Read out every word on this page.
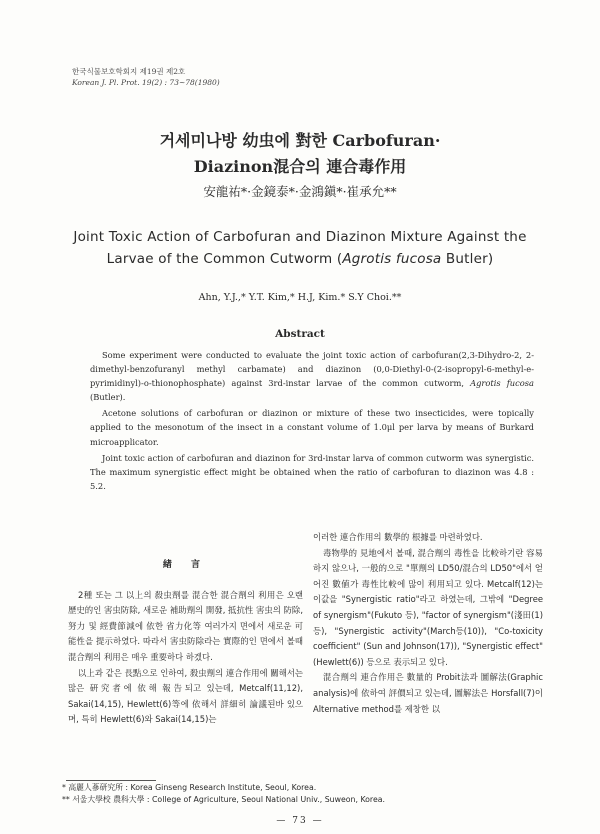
한국식물보호학회지 제19권 제2호
Korean J. Pl. Prot. 19(2) : 73~78(1980)
거세미나방 幼虫에 對한 Carbofuran·
Diazinon混合의 連合毒作用
安龍祐*·金鏡泰*·金鴻鎭*·崔承允**
Joint Toxic Action of Carbofuran and Diazinon Mixture Against the
Larvae of the Common Cutworm (Agrotis fucosa Butler)
Ahn, Y.J.,* Y.T. Kim,* H.J, Kim.* S.Y Choi.**
Abstract

Some experiment were conducted to evaluate the joint toxic action of carbofuran(2,3-Dihydro-2, 2-dimethyl-benzofuranyl methyl carbamate) and diazinon (0,0-Diethyl-0-(2-isopropyl-6-methyl-e-pyrimidinyl)-o-thionophosphate) against 3rd-instar larvae of the common cutworm, Agrotis fucosa (Butler).

Acetone solutions of carbofuran or diazinon or mixture of these two insecticides, were topically applied to the mesonotum of the insect in a constant volume of 1.0μl per larva by means of Burkard microapplicator.

Joint toxic action of carbofuran and diazinon for 3rd-instar larva of common cutworm was synergistic. The maximum synergistic effect might be obtained when the ratio of carbofuran to diazinon was 4.8 : 5.2.

緖 言

2種 또는 그 以上의 殺虫劑를 混合한 混合劑의 利用은 오랜 歷史的인 害虫防除, 새로운 補助劑의 開發, 抵抗性 害虫의 防除, 努力 및 經費節減에 依한 省力化等 여러가지 면에서 새로운 可能性을 提示하였다. 따라서 害虫防除라는 實際的인 면에서 볼때 混合劑의 利用은 매우 重要하다 하겠다.

以上과 같은 長點으로 인하여, 殺虫劑의 連合作用에 關해서는 많은 硏究者에 依해 報告되고 있는데, Metcalf(11,12), Sakai(14,15), Hewlett(6)等에 依해서 詳細히 論議된바 있으며, 특히 Hewlett(6)와 Sakai(14,15)는

이러한 連合作用의 數學的 根據를 마련하였다.

毒物學的 見地에서 볼때, 混合劑의 毒性을 比較하기란 容易하지 않으나, 一般的으로 "單劑의 LD50/混合의 LD50"에서 얻어진 數値가 毒性比較에 많이 利用되고 있다. Metcalf(12)는 이값을 "Synergistic ratio"라고 하였는데, 그밖에 "Degree of synergism"(Fukuto 등), "factor of synergism"(淺田(1)등), "Synergistic activity"(March등(10)), "Co-toxicity coefficient" (Sun and Johnson(17)), "Synergistic effect"(Hewlett(6)) 등으로 表示되고 있다.

混合劑의 連合作用은 數量的 Probit法과 圖解法(Graphic analysis)에 依하여 評價되고 있는데, 圖解法은 Horsfall(7)이 Alternative method를 제창한 以

* 高麗人蔘研究所 : Korea Ginseng Research Institute, Seoul, Korea.
** 서울大學校 農科大學 : College of Agriculture, Seoul National Univ., Suweon, Korea.
— 73 —
